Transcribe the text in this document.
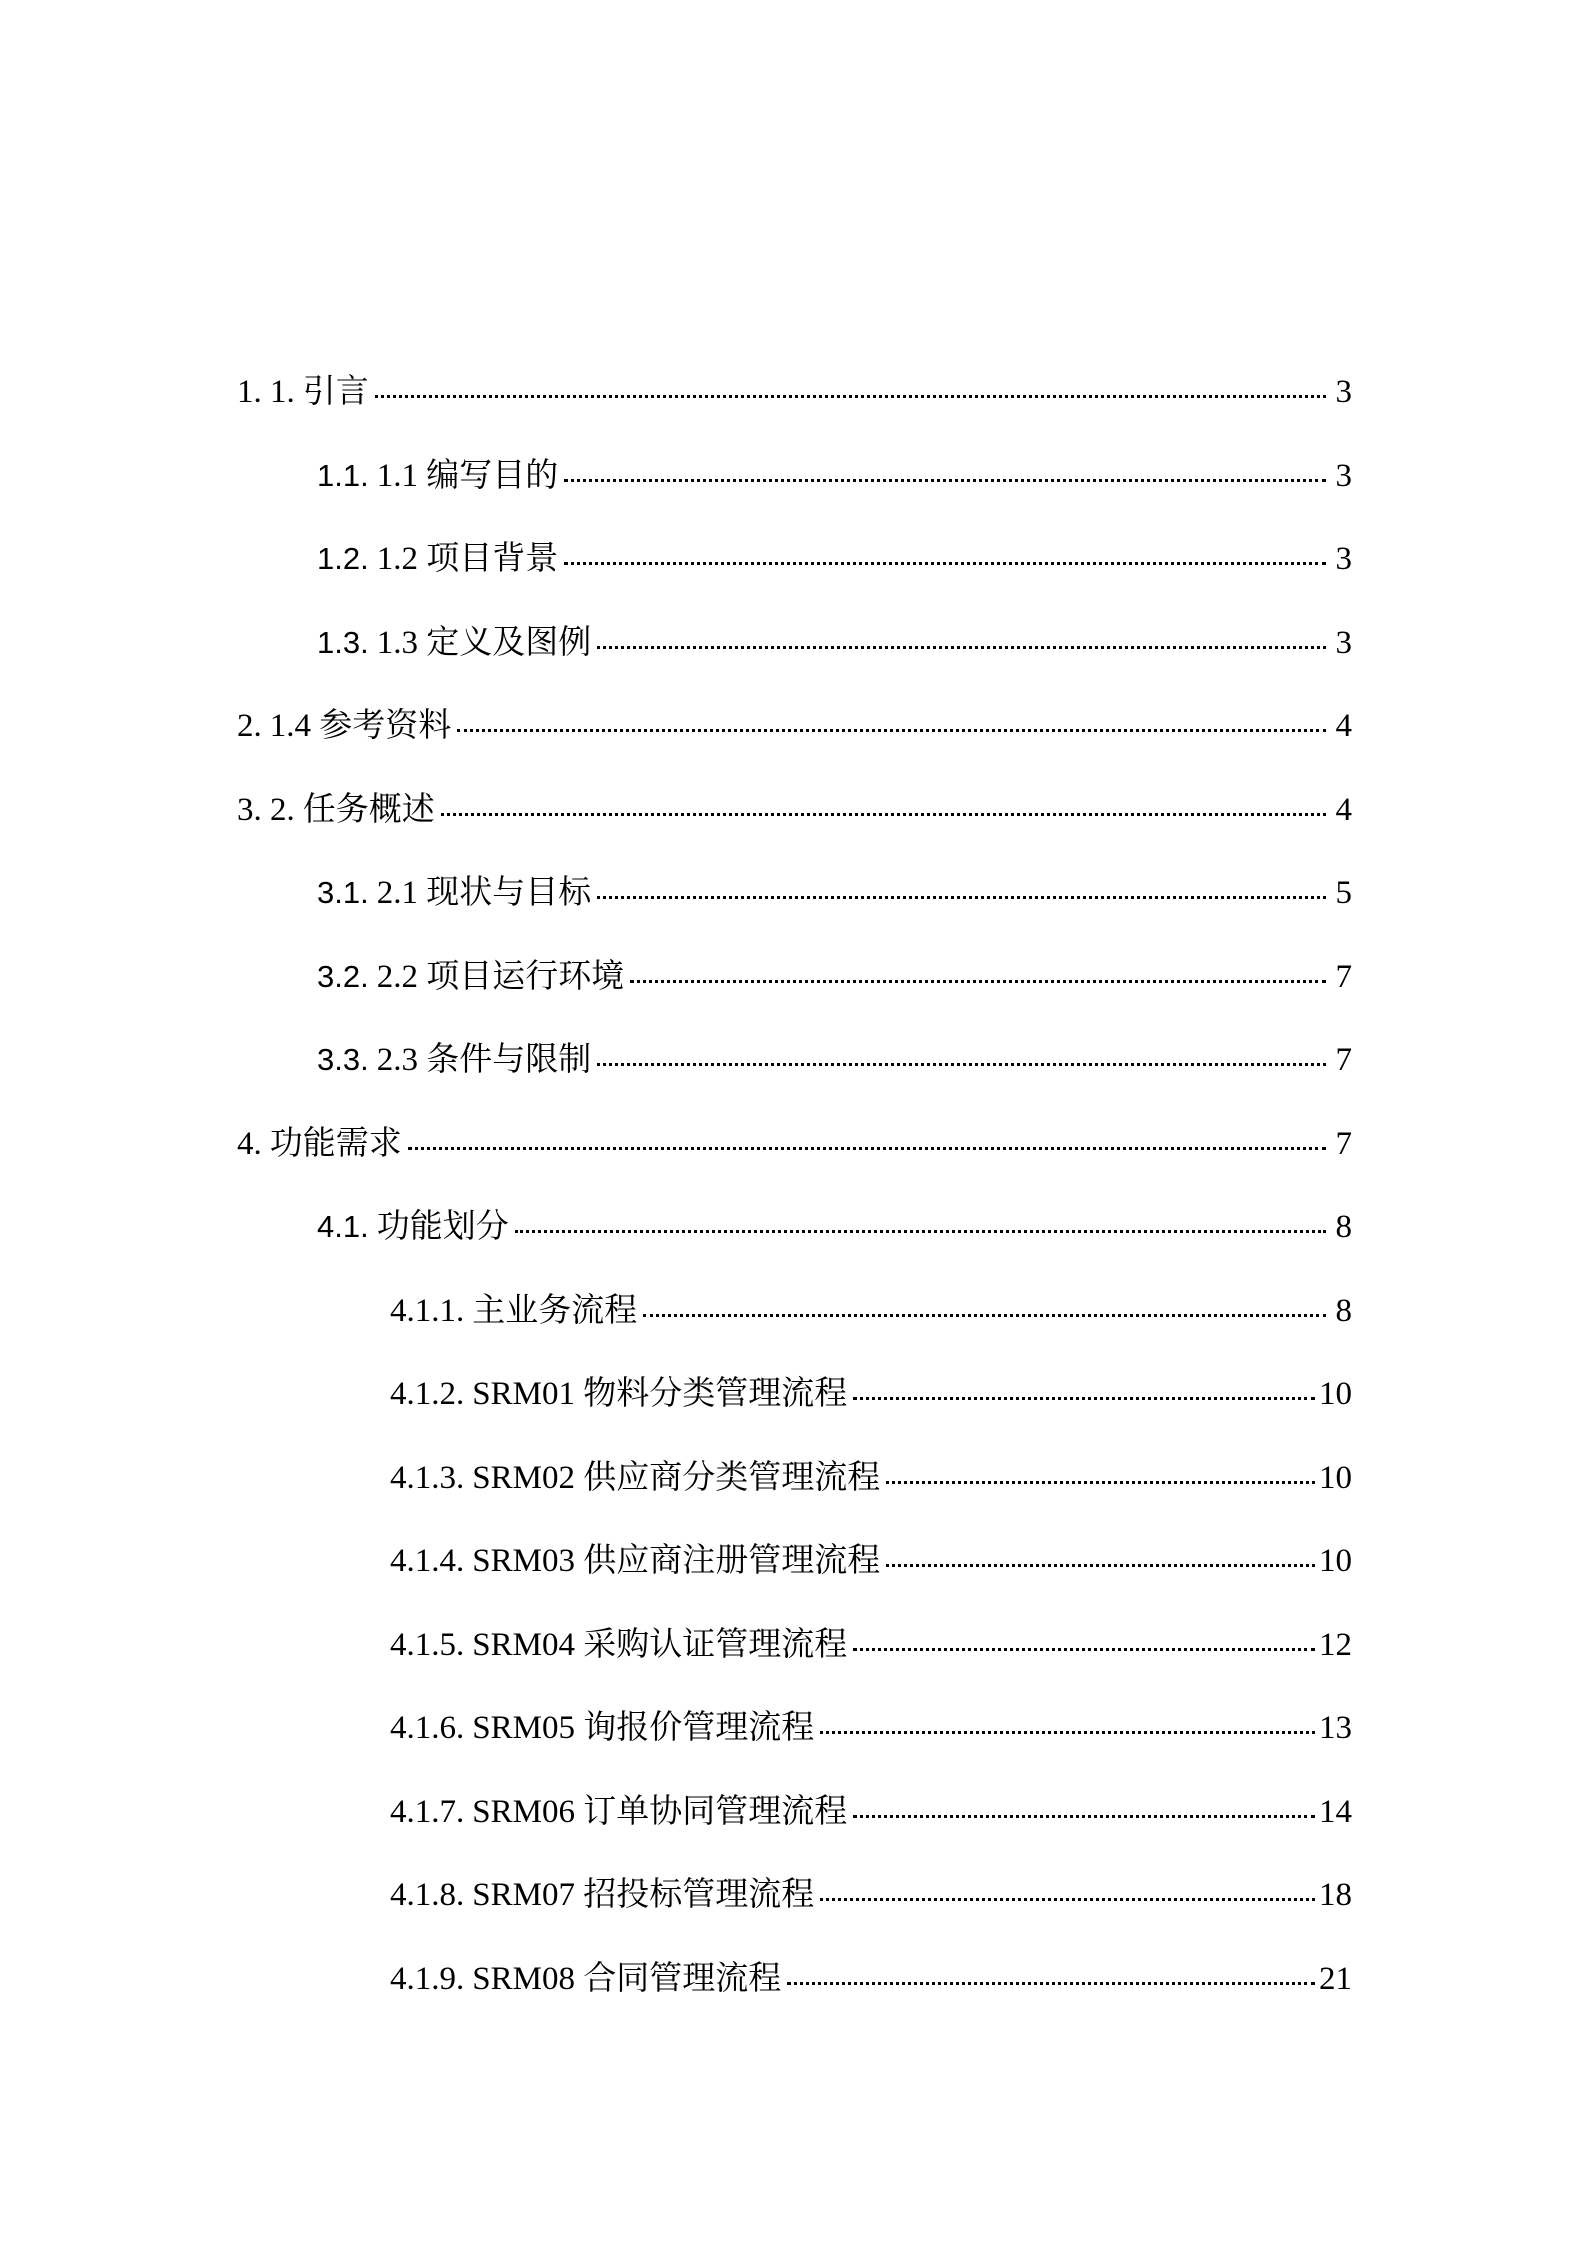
1. 1. 引言	3
1.1. 1.1 编写目的	3
1.2. 1.2 项目背景	3
1.3. 1.3 定义及图例	3
2. 1.4 参考资料	4
3. 2. 任务概述	4
3.1. 2.1 现状与目标	5
3.2. 2.2 项目运行环境	7
3.3. 2.3 条件与限制	7
4. 功能需求	7
4.1. 功能划分	8
4.1.1. 主业务流程	8
4.1.2. SRM01 物料分类管理流程	10
4.1.3. SRM02 供应商分类管理流程	10
4.1.4. SRM03 供应商注册管理流程	10
4.1.5. SRM04 采购认证管理流程	12
4.1.6. SRM05 询报价管理流程	13
4.1.7. SRM06 订单协同管理流程	14
4.1.8. SRM07 招投标管理流程	18
4.1.9. SRM08 合同管理流程	21
